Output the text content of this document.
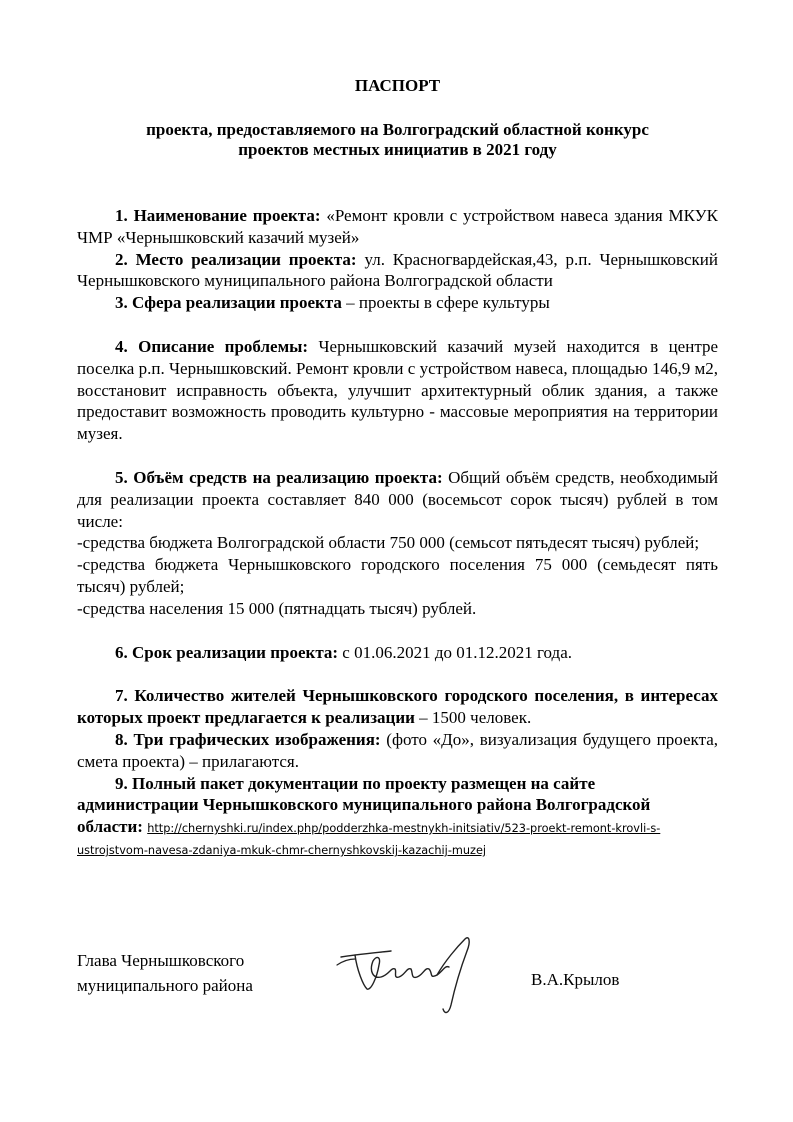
ПАСПОРТ
проекта, предоставляемого на Волгоградский областной конкурс
проектов местных инициатив в 2021 году

1. Наименование проекта: «Ремонт кровли с устройством навеса здания МКУК ЧМР «Чернышковский казачий музей»

2. Место реализации проекта: ул. Красногвардейская,43, р.п. Чернышковский Чернышковского муниципального района Волгоградской области

3. Сфера реализации проекта – проекты в сфере культуры

4. Описание проблемы: Чернышковский казачий музей находится в центре поселка р.п. Чернышковский. Ремонт кровли с устройством навеса, площадью 146,9 м2, восстановит исправность объекта, улучшит архитектурный облик здания, а также предоставит возможность проводить культурно - массовые мероприятия на территории музея.

5. Объём средств на реализацию проекта: Общий объём средств, необходимый для реализации проекта составляет 840 000 (восемьсот сорок тысяч) рублей в том числе:

-средства бюджета Волгоградской области 750 000 (семьсот пятьдесят тысяч) рублей;

-средства бюджета Чернышковского городского поселения 75 000 (семьдесят пять тысяч) рублей;

-средства населения 15 000 (пятнадцать тысяч) рублей.

6. Срок реализации проекта: с 01.06.2021 до 01.12.2021 года.

7. Количество жителей Чернышковского городского поселения, в интересах которых проект предлагается к реализации – 1500 человек.

8. Три графических изображения: (фото «До», визуализация будущего проекта, смета проекта) – прилагаются.

9. Полный пакет документации по проекту размещен на сайте администрации Чернышковского муниципального района Волгоградской области: http://chernyshki.ru/index.php/podderzhka-mestnykh-initsiativ/523-proekt-remont-krovli-s-ustrojstvom-navesa-zdaniya-mkuk-chmr-chernyshkovskij-kazachij-muzej

Глава Чернышковского
муниципального района	В.А.Крылов
